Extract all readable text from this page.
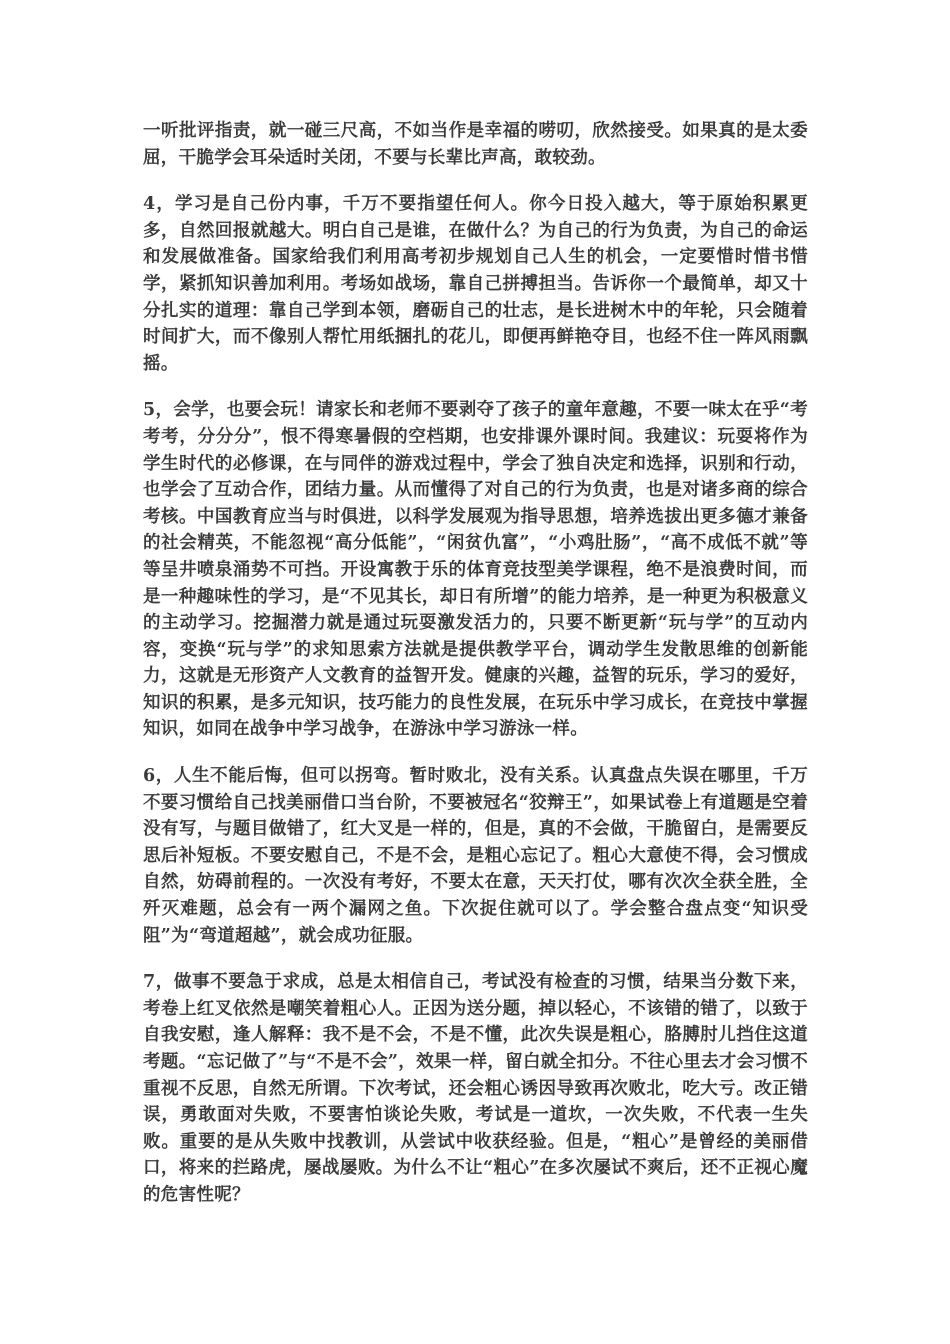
一听批评指责，就一碰三尺高，不如当作是幸福的唠叨，欣然接受。如果真的是太委屈，干脆学会耳朵适时关闭，不要与长辈比声高，敢较劲。

4，学习是自己份内事，千万不要指望任何人。你今日投入越大，等于原始积累更多，自然回报就越大。明白自己是谁，在做什么？为自己的行为负责，为自己的命运和发展做准备。国家给我们利用高考初步规划自己人生的机会，一定要惜时惜书惜学，紧抓知识善加利用。考场如战场，靠自己拼搏担当。告诉你一个最简单，却又十分扎实的道理：靠自己学到本领，磨砺自己的壮志，是长进树木中的年轮，只会随着时间扩大，而不像别人帮忙用纸捆扎的花儿，即便再鲜艳夺目，也经不住一阵风雨飘摇。

5，会学，也要会玩！请家长和老师不要剥夺了孩子的童年意趣，不要一味太在乎“考考考，分分分”，恨不得寒暑假的空档期，也安排课外课时间。我建议：玩耍将作为学生时代的必修课，在与同伴的游戏过程中，学会了独自决定和选择，识别和行动，也学会了互动合作，团结力量。从而懂得了对自己的行为负责，也是对诸多商的综合考核。中国教育应当与时俱进，以科学发展观为指导思想，培养选拔出更多德才兼备的社会精英，不能忽视“高分低能”，“闲贫仇富”，“小鸡肚肠”，“高不成低不就”等等呈井喷泉涌势不可挡。开设寓教于乐的体育竞技型美学课程，绝不是浪费时间，而是一种趣味性的学习，是“不见其长，却日有所增”的能力培养，是一种更为积极意义的主动学习。挖掘潜力就是通过玩耍激发活力的，只要不断更新“玩与学”的互动内容，变换“玩与学”的求知思索方法就是提供教学平台，调动学生发散思维的创新能力，这就是无形资产人文教育的益智开发。健康的兴趣，益智的玩乐，学习的爱好，知识的积累，是多元知识，技巧能力的良性发展，在玩乐中学习成长，在竞技中掌握知识，如同在战争中学习战争，在游泳中学习游泳一样。

6，人生不能后悔，但可以拐弯。暂时败北，没有关系。认真盘点失误在哪里，千万不要习惯给自己找美丽借口当台阶，不要被冠名“狡辩王”，如果试卷上有道题是空着没有写，与题目做错了，红大叉是一样的，但是，真的不会做，干脆留白，是需要反思后补短板。不要安慰自己，不是不会，是粗心忘记了。粗心大意使不得，会习惯成自然，妨碍前程的。一次没有考好，不要太在意，天天打仗，哪有次次全获全胜，全歼灭难题，总会有一两个漏网之鱼。下次捉住就可以了。学会整合盘点变“知识受阻”为“弯道超越”，就会成功征服。

7，做事不要急于求成，总是太相信自己，考试没有检查的习惯，结果当分数下来，考卷上红叉依然是嘲笑着粗心人。正因为送分题，掉以轻心，不该错的错了，以致于自我安慰，逢人解释：我不是不会，不是不懂，此次失误是粗心，胳膊肘儿挡住这道考题。“忘记做了”与“不是不会”，效果一样，留白就全扣分。不往心里去才会习惯不重视不反思，自然无所谓。下次考试，还会粗心诱因导致再次败北，吃大亏。改正错误，勇敢面对失败，不要害怕谈论失败，考试是一道坎，一次失败，不代表一生失败。重要的是从失败中找教训，从尝试中收获经验。但是，“粗心”是曾经的美丽借口，将来的拦路虎，屡战屡败。为什么不让“粗心”在多次屡试不爽后，还不正视心魔的危害性呢？
